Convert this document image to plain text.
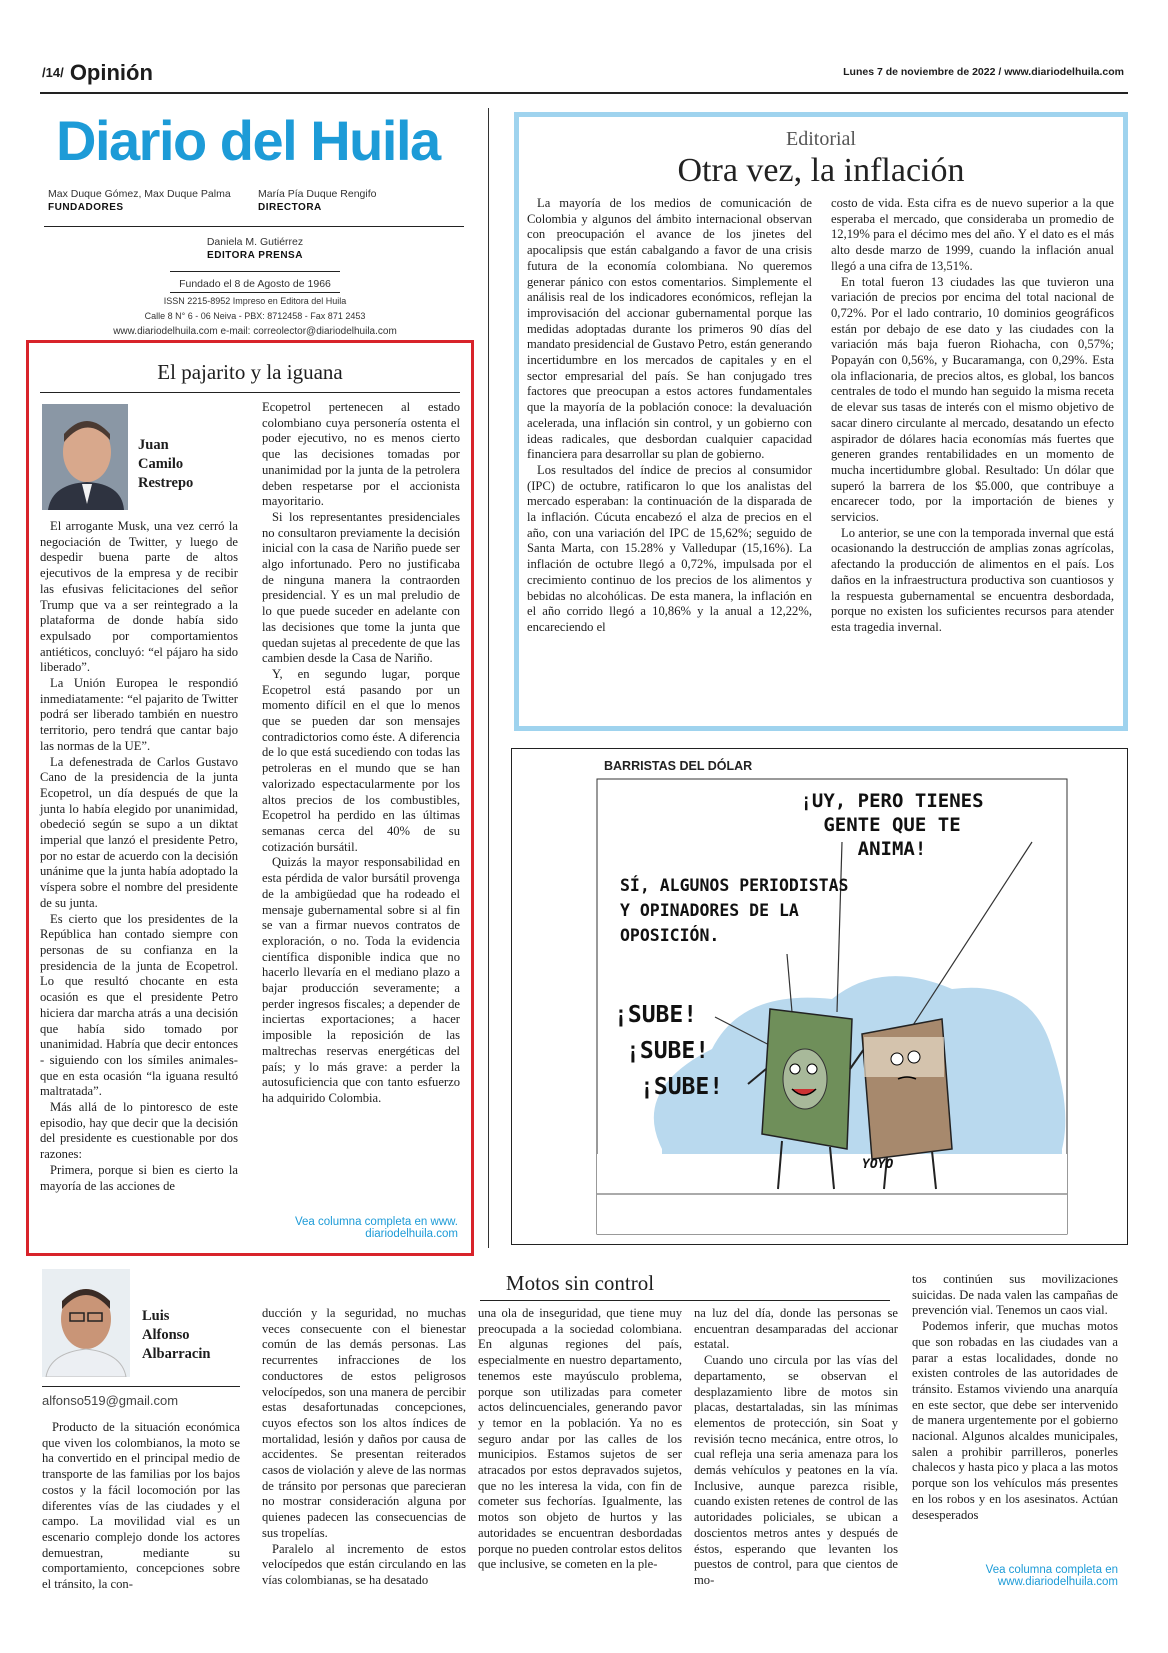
/14/ Opinión	Lunes 7 de noviembre de 2022 / www.diariodelhuila.com
Diario del Huila
Max Duque Gómez, Max Duque Palma
FUNDADORES
María Pía Duque Rengifo
DIRECTORA
Daniela M. Gutiérrez
EDITORA PRENSA
Fundado el 8 de Agosto de 1966
ISSN 2215-8952 Impreso en Editora del Huila
Calle 8 N° 6 - 06 Neiva - PBX: 8712458 - Fax 871 2453
www.diariodelhuila.com e-mail: correolector@diariodelhuila.com
El pajarito y la iguana
Juan
Camilo
Restrepo

El arrogante Musk, una vez cerró la negociación de Twitter, y luego de despedir buena parte de altos ejecutivos de la empresa y de recibir las efusivas felicitaciones del señor Trump que va a ser reintegrado a la plataforma de donde había sido expulsado por comportamientos antiéticos, concluyó: “el pájaro ha sido liberado”.

La Unión Europea le respondió inmediatamente: “el pajarito de Twitter podrá ser liberado también en nuestro territorio, pero tendrá que cantar bajo las normas de la UE”.

La defenestrada de Carlos Gustavo Cano de la presidencia de la junta Ecopetrol, un día después de que la junta lo había elegido por unanimidad, obedeció según se supo a un diktat imperial que lanzó el presidente Petro, por no estar de acuerdo con la decisión unánime que la junta había adoptado la víspera sobre el nombre del presidente de su junta.

Es cierto que los presidentes de la República han contado siempre con personas de su confianza en la presidencia de la junta de Ecopetrol. Lo que resultó chocante en esta ocasión es que el presidente Petro hiciera dar marcha atrás a una decisión que había sido tomado por unanimidad. Habría que decir entonces - siguiendo con los símiles animales- que en esta ocasión “la iguana resultó maltratada”.

Más allá de lo pintoresco de este episodio, hay que decir que la decisión del presidente es cuestionable por dos razones:

Primera, porque si bien es cierto la mayoría de las acciones de

Ecopetrol pertenecen al estado colombiano cuya personería ostenta el poder ejecutivo, no es menos cierto que las decisiones tomadas por unanimidad por la junta de la petrolera deben respetarse por el accionista mayoritario.

Si los representantes presidenciales no consultaron previamente la decisión inicial con la casa de Nariño puede ser algo infortunado. Pero no justificaba de ninguna manera la contraorden presidencial. Y es un mal preludio de lo que puede suceder en adelante con las decisiones que tome la junta que quedan sujetas al precedente de que las cambien desde la Casa de Nariño.

Y, en segundo lugar, porque Ecopetrol está pasando por un momento difícil en el que lo menos que se pueden dar son mensajes contradictorios como éste. A diferencia de lo que está sucediendo con todas las petroleras en el mundo que se han valorizado espectacularmente por los altos precios de los combustibles, Ecopetrol ha perdido en las últimas semanas cerca del 40% de su cotización bursátil.

Quizás la mayor responsabilidad en esta pérdida de valor bursátil provenga de la ambigüedad que ha rodeado el mensaje gubernamental sobre si al fin se van a firmar nuevos contratos de exploración, o no. Toda la evidencia científica disponible indica que no hacerlo llevaría en el mediano plazo a bajar producción severamente; a perder ingresos fiscales; a depender de inciertas exportaciones; a hacer imposible la reposición de las maltrechas reservas energéticas del país; y lo más grave: a perder la autosuficiencia que con tanto esfuerzo ha adquirido Colombia.

Vea columna completa en www.
diariodelhuila.com
Editorial
Otra vez, la inflación

La mayoría de los medios de comunicación de Colombia y algunos del ámbito internacional observan con preocupación el avance de los jinetes del apocalipsis que están cabalgando a favor de una crisis futura de la economía colombiana. No queremos generar pánico con estos comentarios. Simplemente el análisis real de los indicadores económicos, reflejan la improvisación del accionar gubernamental porque las medidas adoptadas durante los primeros 90 días del mandato presidencial de Gustavo Petro, están generando incertidumbre en los mercados de capitales y en el sector empresarial del país. Se han conjugado tres factores que preocupan a estos actores fundamentales que la mayoría de la población conoce: la devaluación acelerada, una inflación sin control, y un gobierno con ideas radicales, que desbordan cualquier capacidad financiera para desarrollar su plan de gobierno.

Los resultados del índice de precios al consumidor (IPC) de octubre, ratificaron lo que los analistas del mercado esperaban: la continuación de la disparada de la inflación. Cúcuta encabezó el alza de precios en el año, con una variación del IPC de 15,62%; seguido de Santa Marta, con 15.28% y Valledupar (15,16%). La inflación de octubre llegó a 0,72%, impulsada por el crecimiento continuo de los precios de los alimentos y bebidas no alcohólicas. De esta manera, la inflación en el año corrido llegó a 10,86% y la anual a 12,22%, encareciendo el

costo de vida. Esta cifra es de nuevo superior a la que esperaba el mercado, que consideraba un promedio de 12,19% para el décimo mes del año. Y el dato es el más alto desde marzo de 1999, cuando la inflación anual llegó a una cifra de 13,51%.

En total fueron 13 ciudades las que tuvieron una variación de precios por encima del total nacional de 0,72%. Por el lado contrario, 10 dominios geográficos están por debajo de ese dato y las ciudades con la variación más baja fueron Riohacha, con 0,57%; Popayán con 0,56%, y Bucaramanga, con 0,29%. Esta ola inflacionaria, de precios altos, es global, los bancos centrales de todo el mundo han seguido la misma receta de elevar sus tasas de interés con el mismo objetivo de sacar dinero circulante al mercado, desatando un efecto aspirador de dólares hacia economías más fuertes que generen grandes rentabilidades en un momento de mucha incertidumbre global. Resultado: Un dólar que superó la barrera de los $5.000, que contribuye a encarecer todo, por la importación de bienes y servicios.

Lo anterior, se une con la temporada invernal que está ocasionando la destrucción de amplias zonas agrícolas, afectando la producción de alimentos en el país. Los daños en la infraestructura productiva son cuantiosos y la respuesta gubernamental se encuentra desbordada, porque no existen los suficientes recursos para atender esta tragedia invernal.

BARRISTAS DEL DÓLAR
¡UY, PERO TIENES
GENTE QUE TE
ANIMA!
SÍ, ALGUNOS PERIODISTAS
Y OPINADORES DE LA
OPOSICIÓN.
¡SUBE!
¡SUBE!
¡SUBE!
YOYO
Luis
Alfonso
Albarracin
alfonso519@gmail.com
Motos sin control

Producto de la situación económica que viven los colombianos, la moto se ha convertido en el principal medio de transporte de las familias por los bajos costos y la fácil locomoción por las diferentes vías de las ciudades y el campo. La movilidad vial es un escenario complejo donde los actores demuestran, mediante su comportamiento, concepciones sobre el tránsito, la con-

ducción y la seguridad, no muchas veces consecuente con el bienestar común de las demás personas. Las recurrentes infracciones de los conductores de estos peligrosos velocípedos, son una manera de percibir estas desafortunadas concepciones, cuyos efectos son los altos índices de mortalidad, lesión y daños por causa de accidentes. Se presentan reiterados casos de violación y aleve de las normas de tránsito por personas que parecieran no mostrar consideración alguna por quienes padecen las consecuencias de sus tropelías.

Paralelo al incremento de estos velocípedos que están circulando en las vías colombianas, se ha desatado

una ola de inseguridad, que tiene muy preocupada a la sociedad colombiana. En algunas regiones del país, especialmente en nuestro departamento, tenemos este mayúsculo problema, porque son utilizadas para cometer actos delincuenciales, generando pavor y temor en la población. Ya no es seguro andar por las calles de los municipios. Estamos sujetos de ser atracados por estos depravados sujetos, que no les interesa la vida, con fin de cometer sus fechorías. Igualmente, las motos son objeto de hurtos y las autoridades se encuentran desbordadas porque no pueden controlar estos delitos que inclusive, se cometen en la ple-

na luz del día, donde las personas se encuentran desamparadas del accionar estatal.

Cuando uno circula por las vías del departamento, se observan el desplazamiento libre de motos sin placas, destartaladas, sin las mínimas elementos de protección, sin Soat y revisión tecno mecánica, entre otros, lo cual refleja una seria amenaza para los demás vehículos y peatones en la vía. Inclusive, aunque parezca risible, cuando existen retenes de control de las autoridades policiales, se ubican a doscientos metros antes y después de éstos, esperando que levanten los puestos de control, para que cientos de mo-

tos continúen sus movilizaciones suicidas. De nada valen las campañas de prevención vial. Tenemos un caos vial.

Podemos inferir, que muchas motos que son robadas en las ciudades van a parar a estas localidades, donde no existen controles de las autoridades de tránsito. Estamos viviendo una anarquía en este sector, que debe ser intervenido de manera urgentemente por el gobierno nacional. Algunos alcaldes municipales, salen a prohibir parrilleros, ponerles chalecos y hasta pico y placa a las motos porque son los vehículos más presentes en los robos y en los asesinatos. Actúan desesperados

Vea columna completa en
www.diariodelhuila.com
